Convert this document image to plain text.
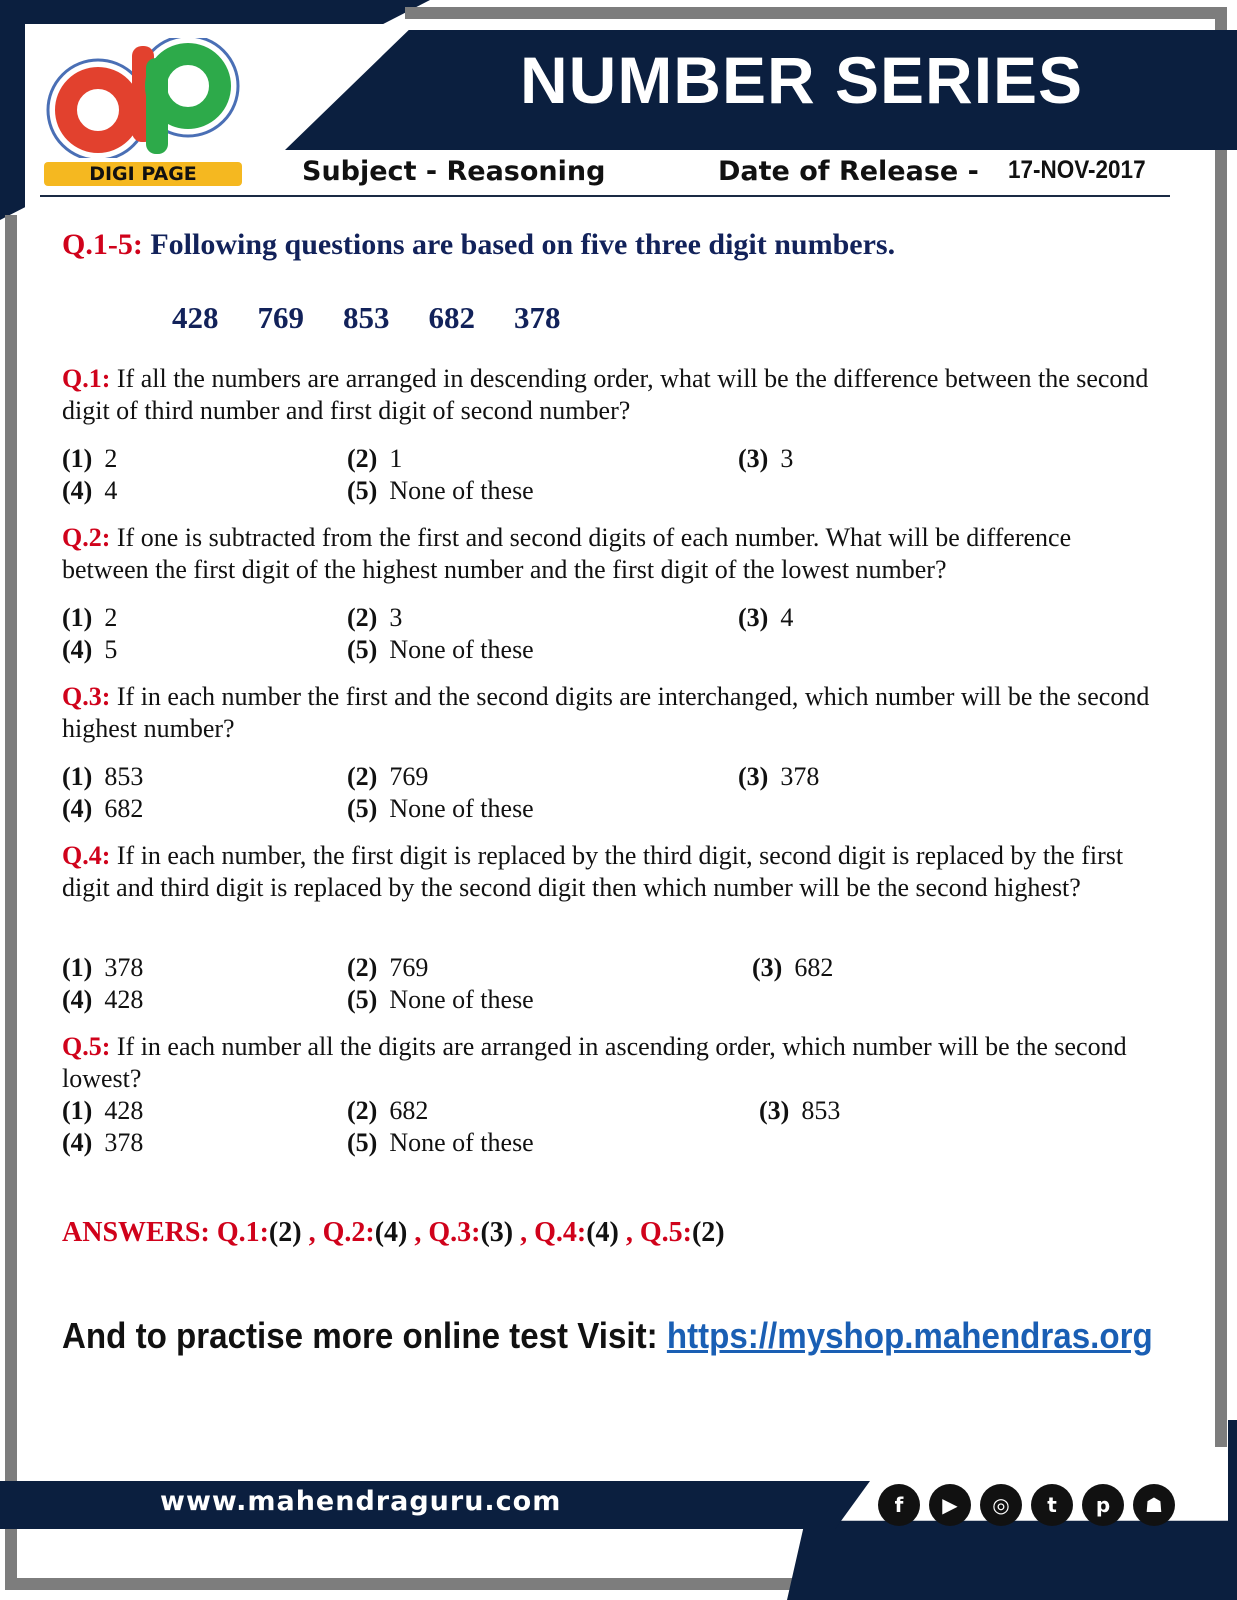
NUMBER SERIES
DIGI PAGE	Subject - Reasoning	Date of Release - 17-NOV-2017
Q.1-5: Following questions are based on five three digit numbers.
428 769 853 682 378
Q.1: If all the numbers are arranged in descending order, what will be the difference between the second digit of third number and first digit of second number?
(1) 2	(2) 1	(3) 3
(4) 4	(5) None of these
Q.2: If one is subtracted from the first and second digits of each number. What will be difference between the first digit of the highest number and the first digit of the lowest number?
(1) 2	(2) 3	(3) 4
(4) 5	(5) None of these
Q.3: If in each number the first and the second digits are interchanged, which number will be the second highest number?
(1) 853	(2) 769	(3) 378
(4) 682	(5) None of these
Q.4: If in each number, the first digit is replaced by the third digit, second digit is replaced by the first digit and third digit is replaced by the second digit then which number will be the second highest?
(1) 378	(2) 769	(3) 682
(4) 428	(5) None of these
Q.5: If in each number all the digits are arranged in ascending order, which number will be the second lowest?
(1) 428	(2) 682	(3) 853
(4) 378	(5) None of these
ANSWERS: Q.1:(2) , Q.2:(4) , Q.3:(3) , Q.4:(4) , Q.5:(2)
And to practise more online test Visit: https://myshop.mahendras.org
www.mahendraguru.com	f	▶	◎	t	p	☗
